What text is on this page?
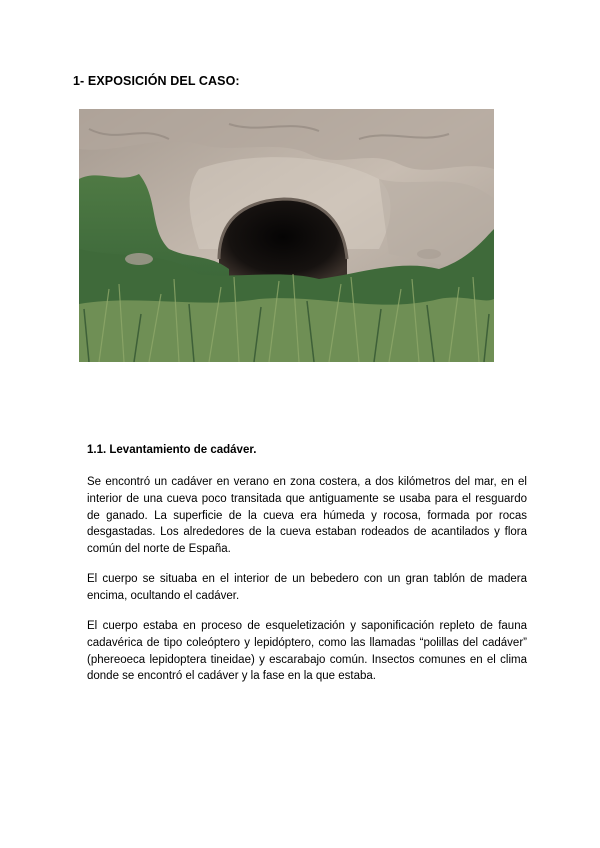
1- EXPOSICIÓN DEL CASO:
1.1. Levantamiento de cadáver.

Se encontró un cadáver en verano en zona costera, a dos kilómetros del mar, en el interior de una cueva poco transitada que antiguamente se usaba para el resguardo de ganado. La superficie de la cueva era húmeda y rocosa, formada por rocas desgastadas. Los alrededores de la cueva estaban rodeados de acantilados y flora común del norte de España.

El cuerpo se situaba en el interior de un bebedero con un gran tablón de madera encima, ocultando el cadáver.

El cuerpo estaba en proceso de esqueletización y saponificación repleto de fauna cadavérica de tipo coleóptero y lepidóptero, como las llamadas “polillas del cadáver” (phereoeca lepidoptera tineidae) y escarabajo común. Insectos comunes en el clima donde se encontró el cadáver y la fase en la que estaba.
